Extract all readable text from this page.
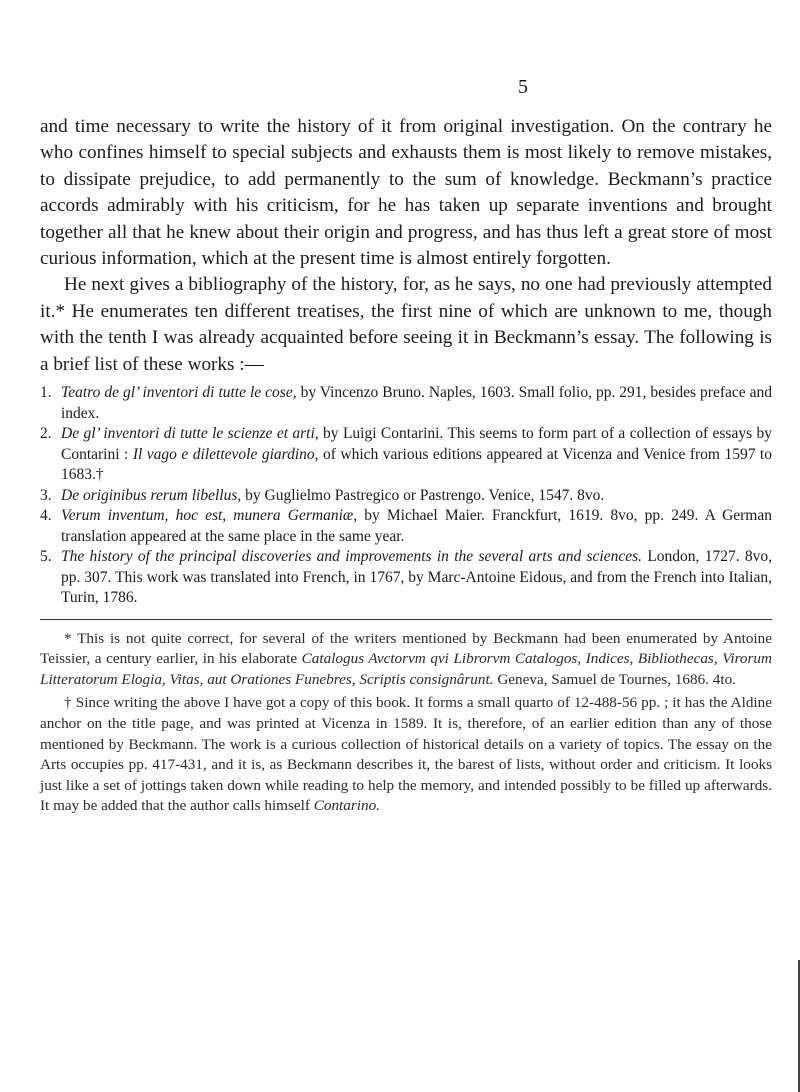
5

and time necessary to write the history of it from original investigation. On the contrary he who confines himself to special subjects and exhausts them is most likely to remove mistakes, to dissipate prejudice, to add permanently to the sum of knowledge. Beckmann’s practice accords admirably with his criticism, for he has taken up separate inventions and brought together all that he knew about their origin and progress, and has thus left a great store of most curious information, which at the present time is almost entirely forgotten.

He next gives a bibliography of the history, for, as he says, no one had previously attempted it.* He enumerates ten different treatises, the first nine of which are unknown to me, though with the tenth I was already acquainted before seeing it in Beckmann’s essay. The following is a brief list of these works :—

1. Teatro de gl’ inventori di tutte le cose, by Vincenzo Bruno. Naples, 1603. Small folio, pp. 291, besides preface and index.
2. De gl’ inventori di tutte le scienze et arti, by Luigi Contarini. This seems to form part of a collection of essays by Contarini : Il vago e dilettevole giardino, of which various editions appeared at Vicenza and Venice from 1597 to 1683.†
3. De originibus rerum libellus, by Guglielmo Pastregico or Pastrengo. Venice, 1547. 8vo.
4. Verum inventum, hoc est, munera Germaniæ, by Michael Maier. Franckfurt, 1619. 8vo, pp. 249. A German translation appeared at the same place in the same year.
5. The history of the principal discoveries and improvements in the several arts and sciences. London, 1727. 8vo, pp. 307. This work was translated into French, in 1767, by Marc-Antoine Eidous, and from the French into Italian, Turin, 1786.

* This is not quite correct, for several of the writers mentioned by Beckmann had been enumerated by Antoine Teissier, a century earlier, in his elaborate Catalogus Avctorvm qvi Librorvm Catalogos, Indices, Bibliothecas, Virorum Litteratorum Elogia, Vitas, aut Orationes Funebres, Scriptis consignârunt. Geneva, Samuel de Tournes, 1686. 4to.

† Since writing the above I have got a copy of this book. It forms a small quarto of 12-488-56 pp. ; it has the Aldine anchor on the title page, and was printed at Vicenza in 1589. It is, therefore, of an earlier edition than any of those mentioned by Beckmann. The work is a curious collection of historical details on a variety of topics. The essay on the Arts occupies pp. 417-431, and it is, as Beckmann describes it, the barest of lists, without order and criticism. It looks just like a set of jottings taken down while reading to help the memory, and intended possibly to be filled up afterwards. It may be added that the author calls himself Contarino.
